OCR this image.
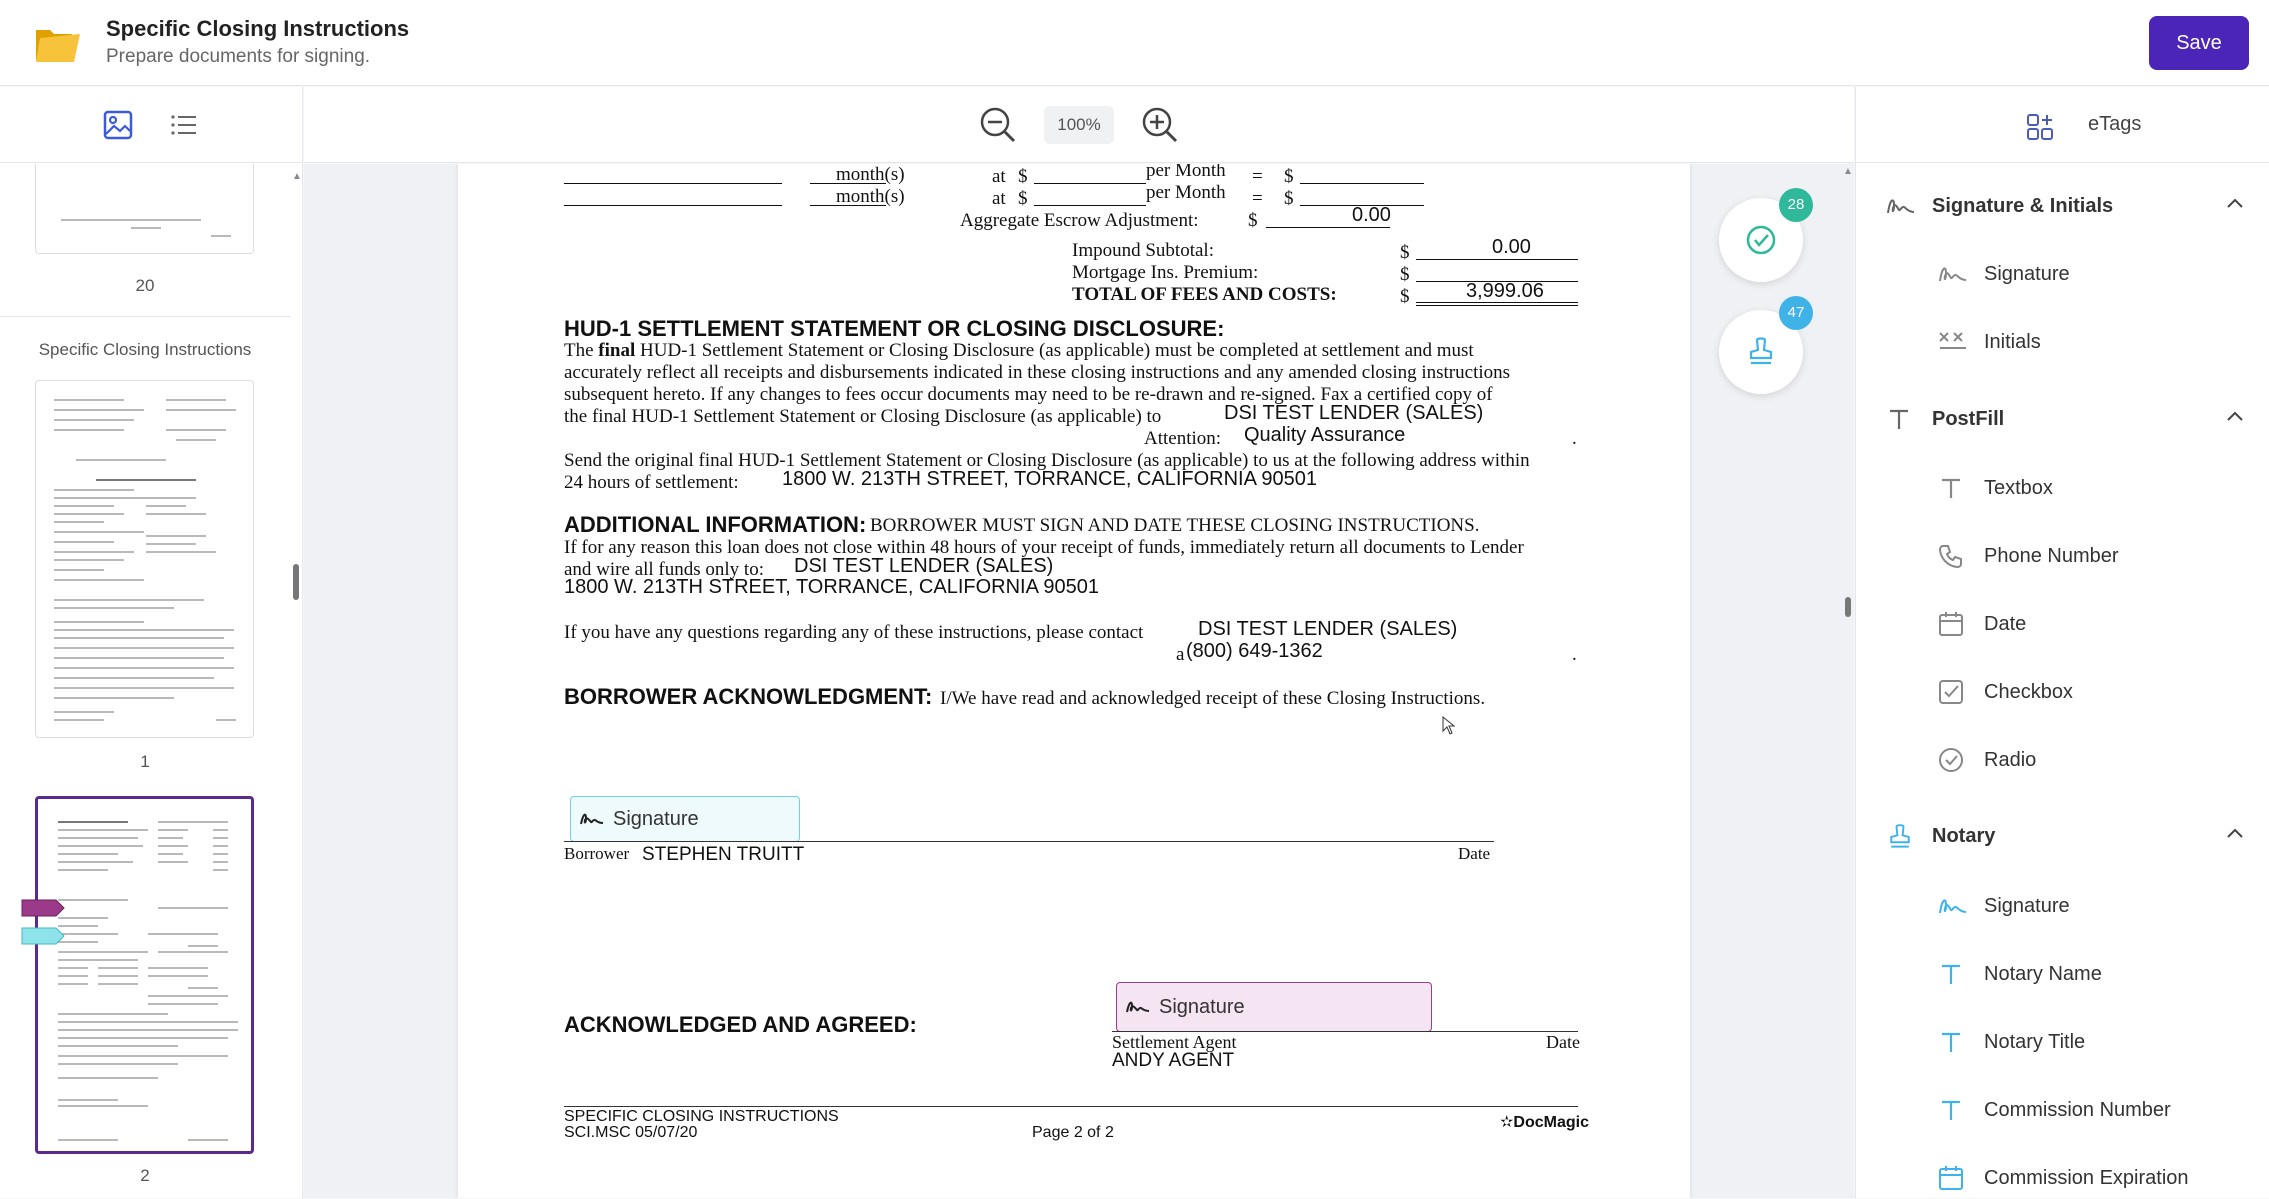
Specific Closing Instructions
Prepare documents for signing.
Save
20
Specific Closing Instructions
1
2
▲
100%
month(s)	at $	per Month = $
month(s)	at $	per Month = $
Aggregate Escrow Adjustment:	$	0.00
Impound Subtotal:	$	0.00
Mortgage Ins. Premium:	$
TOTAL OF FEES AND COSTS:	$	3,999.06
HUD-1 SETTLEMENT STATEMENT OR CLOSING DISCLOSURE:
The final HUD-1 Settlement Statement or Closing Disclosure (as applicable) must be completed at settlement and must
accurately reflect all receipts and disbursements indicated in these closing instructions and any amended closing instructions
subsequent hereto. If any changes to fees occur documents may need to be re-drawn and re-signed. Fax a certified copy of
the final HUD-1 Settlement Statement or Closing Disclosure (as applicable) to	DSI TEST LENDER (SALES)
Attention: Quality Assurance	.
Send the original final HUD-1 Settlement Statement or Closing Disclosure (as applicable) to us at the following address within
24 hours of settlement: 1800 W. 213TH STREET, TORRANCE, CALIFORNIA 90501
ADDITIONAL INFORMATION: BORROWER MUST SIGN AND DATE THESE CLOSING INSTRUCTIONS.
If for any reason this loan does not close within 48 hours of your receipt of funds, immediately return all documents to Lender
and wire all funds only to: DSI TEST LENDER (SALES)
1800 W. 213TH STREET, TORRANCE, CALIFORNIA 90501
If you have any questions regarding any of these instructions, please contact	DSI TEST LENDER (SALES)
a (800) 649-1362	.
BORROWER ACKNOWLEDGMENT: I/We have read and acknowledged receipt of these Closing Instructions.
Signature
Borrower STEPHEN TRUITT	Date
ACKNOWLEDGED AND AGREED:
Signature
Settlement Agent	Date
ANDY AGENT
SPECIFIC CLOSING INSTRUCTIONS
SCI.MSC 05/07/20	Page 2 of 2
✫DocMagic
28
47
▲
eTags
Signature & Initials
Signature
Initials
PostFill
Textbox
Phone Number
Date
Checkbox
Radio
Notary
Signature
Notary Name
Notary Title
Commission Number
Commission Expiration
